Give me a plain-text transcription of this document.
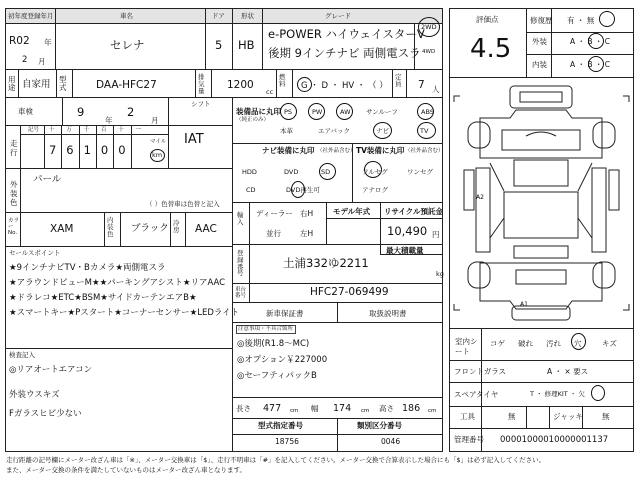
初年度登録年月	車名	ドア 形状	グレード
R02 年
2 月
セレナ	5 HB
e-POWER ハイウェイスターV
後期 9インチナビ 両側電スラ
2WD
4WD
用途 自家用 型式	DAA-HFC27
排気量 1200
cc
燃料 G ・ D ・ HV ・ （ ）
定員 7 人
車検	9
年
2
月
シフト
IAT
走行
記号 十 万 千 百 十 一
7 6 1 0 0
マイル
km
外装色
パール
（ ）色替車は色替と記入
カラーNo.	XAM
内装色 ブラック 冷房 AAC
セールスポイント
★9インチナビTV・Bカメラ★両側電スラ
★アラウンドビューM★★パーキングアシスト★リアAAC
★ドラレコ★ETC★BSM★サイドカーテンエアB★
★スマートキー★Pスタート★コーナーセンサー★LEDライト
検査記入
◎リアオートエアコン
外装ウスキズ
Fガラスヒビ少ない
装備品に丸印
（純正のみ）
PS	PW	AW サンルーフ	ABS
本革	エアバック	ナビ	TV
ナビ装備に丸印 （社外品含む）
HDD	DVD	SD
CD	DVD再生可
TV装備に丸印 （社外品含む）
フルセグ	ワンセグ
アナログ
輸入
ディーラー
並行
右H
左H
モデル年式 リサイクル預託金
10,490 円
登録番号
最大積載量
土浦332ゆ2211
kg
車台番号	HFC27-069499
新車保証書	取扱説明書
注意事項・不具合箇所
◎後期(R1.8～MC)
◎オプション￥227000
◎セーフティパックB
長さ 477 cm 幅 174 cm 高さ 186 cm
型式指定番号	類別区分番号
18756	0046
評価点
4.5
修復歴 有 ・ 無
外装	A ・ B ・ C
内装	A ・ B ・ C
A2
A1
室内シート
コゲ 破れ 汚れ 穴	キズ
フロントガラス	A ・ × 要ス
スペアタイヤ	T ・ 修理KIT ・ 欠
工具	無	ジャッキ	無
管理番号 00001000010000001137
走行距離の記号欄にメーター改ざん車は「※」、メーター交換車は「$」、走行不明車は「#」を記入してください。メーター交換で合算表示した場合にも「$」は必ず記入してください。
また、メーター交換の条件を満たしていないものはメーター改ざん車となります。
